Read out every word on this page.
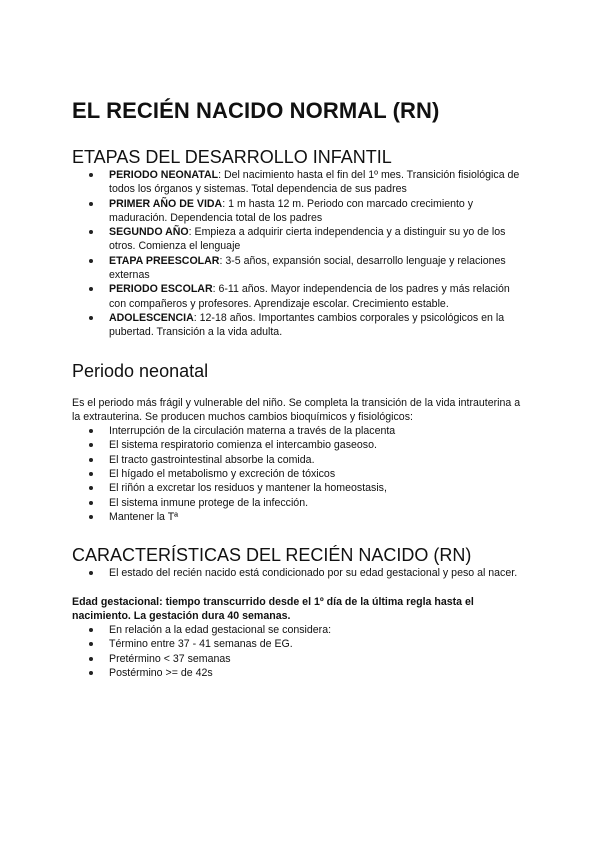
EL RECIÉN NACIDO NORMAL (RN)
ETAPAS DEL DESARROLLO INFANTIL
PERIODO NEONATAL: Del nacimiento hasta el fin del 1º mes. Transición fisiológica de todos los órganos y sistemas. Total dependencia de sus padres
PRIMER AÑO DE VIDA: 1 m hasta 12 m. Periodo con marcado crecimiento y maduración. Dependencia total de los padres
SEGUNDO AÑO: Empieza a adquirir cierta independencia y a distinguir su yo de los otros. Comienza el lenguaje
ETAPA PREESCOLAR: 3-5 años, expansión social, desarrollo lenguaje y relaciones externas
PERIODO ESCOLAR: 6-11 años. Mayor independencia de los padres y más relación con compañeros y profesores. Aprendizaje escolar. Crecimiento estable.
ADOLESCENCIA: 12-18 años. Importantes cambios corporales y psicológicos en la pubertad. Transición a la vida adulta.
Periodo neonatal

Es el periodo más frágil y vulnerable del niño. Se completa la transición de la vida intrauterina a la extrauterina. Se producen muchos cambios bioquímicos y fisiológicos:

Interrupción de la circulación materna a través de la placenta
El sistema respiratorio comienza el intercambio gaseoso.
El tracto gastrointestinal absorbe la comida.
El hígado el metabolismo y excreción de tóxicos
El riñón a excretar los residuos y mantener la homeostasis,
El sistema inmune protege de la infección.
Mantener la Tª
CARACTERÍSTICAS DEL RECIÉN NACIDO (RN)
El estado del recién nacido está condicionado por su edad gestacional y peso al nacer.

Edad gestacional: tiempo transcurrido desde el 1º día de la última regla hasta el nacimiento. La gestación dura 40 semanas.

En relación a la edad gestacional se considera:
Término entre 37 - 41 semanas de EG.
Pretérmino < 37 semanas
Postérmino >= de 42s
